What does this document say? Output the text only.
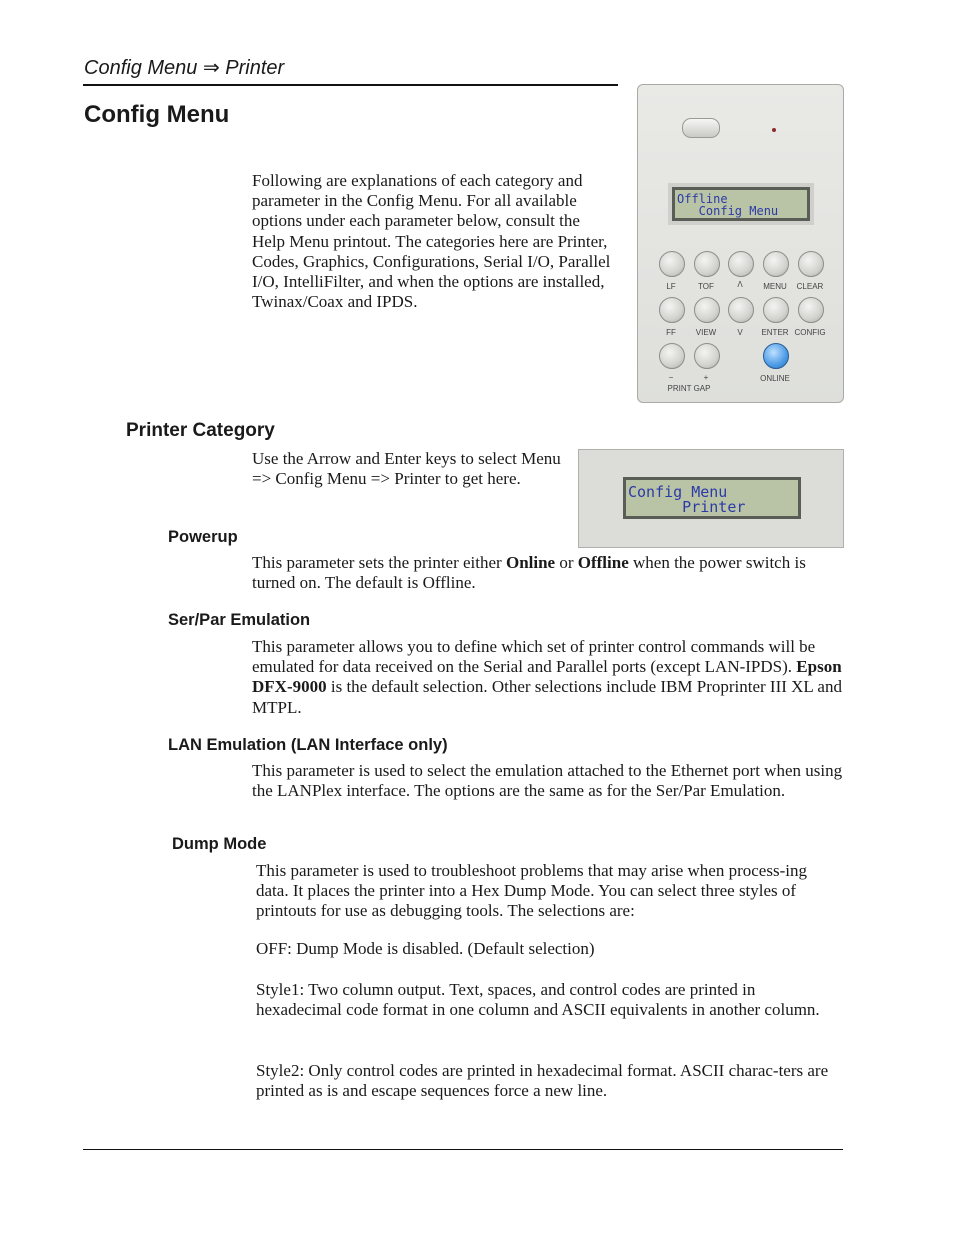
Config Menu ⇒ Printer
Config Menu

Following are explanations of each category and parameter in the Config Menu. For all available options under each parameter below, consult the Help Menu printout. The categories here are Printer, Codes, Graphics, Configurations, Serial I/O, Parallel I/O, IntelliFilter, and when the options are installed, Twinax/Coax and IPDS.

Offline
Config Menu
LF	TOF	Λ	MENU	CLEAR
FF	VIEW	V	ENTER CONFIG
−	+
PRINT GAP
ONLINE
Printer Category

Use the Arrow and Enter keys to select Menu => Config Menu => Printer to get here.

Config Menu
Printer
Powerup

This parameter sets the printer either Online or Offline when the power switch is turned on. The default is Offline.

Ser/Par Emulation

This parameter allows you to define which set of printer control commands will be emulated for data received on the Serial and Parallel ports (except LAN-IPDS). Epson DFX-9000 is the default selection. Other selections include IBM Proprinter III XL and MTPL.

LAN Emulation (LAN Interface only)

This parameter is used to select the emulation attached to the Ethernet port when using the LANPlex interface. The options are the same as for the Ser/Par Emulation.

Dump Mode

This parameter is used to troubleshoot problems that may arise when process-ing data. It places the printer into a Hex Dump Mode. You can select three styles of printouts for use as debugging tools. The selections are:

OFF: Dump Mode is disabled. (Default selection)

Style1: Two column output. Text, spaces, and control codes are printed in hexadecimal code format in one column and ASCII equivalents in another column.

Style2: Only control codes are printed in hexadecimal format. ASCII charac-ters are printed as is and escape sequences force a new line.
